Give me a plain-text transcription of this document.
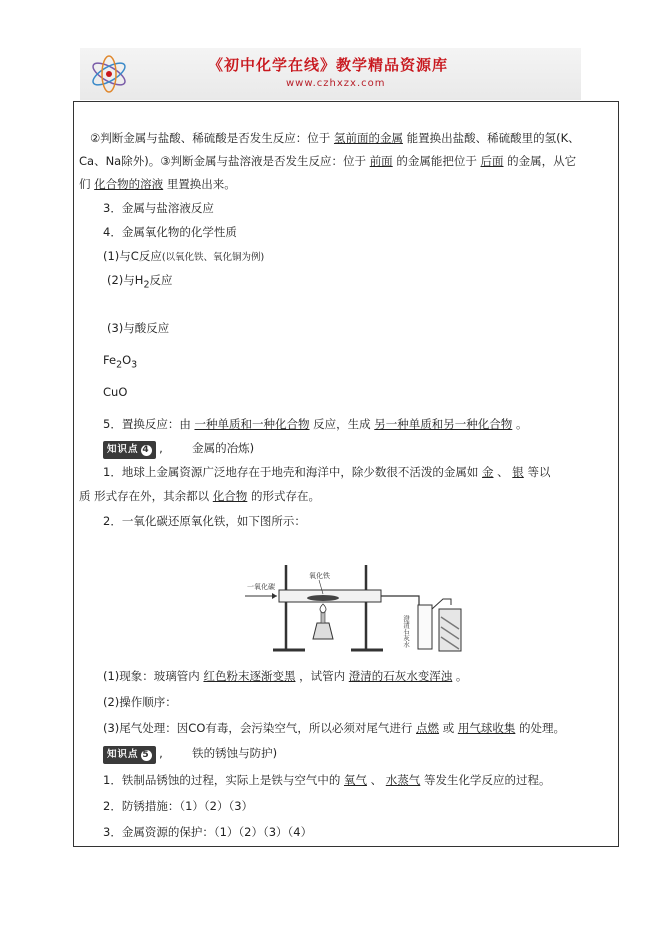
《初中化学在线》教学精品资源库
www.czhxzx.com
②判断金属与盐酸、稀硫酸是否发生反应：位于 氢前面的金属 能置换出盐酸、稀硫酸里的氢(K、
Ca、Na除外)。③判断金属与盐溶液是否发生反应：位于 前面 的金属能把位于 后面 的金属，从它
们 化合物的溶液 里置换出来。
3．金属与盐溶液反应
4．金属氧化物的化学性质
(1)与C反应(以氧化铁、氧化铜为例)
(2)与$H_2$反应
(3)与酸反应
$Fe_2O_3$
CuO
5．置换反应：由 一种单质和一种化合物 反应，生成 另一种单质和另一种化合物 。
知识点 4 ,        金属的冶炼)
1．地球上金属资源广泛地存在于地壳和海洋中，除少数很不活泼的金属如 金 、 银 等以
质 形式存在外，其余都以 化合物 的形式存在。
2．一氧化碳还原氧化铁，如下图所示：
一氧化碳
氧化铁
澄清石灰水
(1)现象：玻璃管内 红色粉末逐渐变黑 ，试管内 澄清的石灰水变浑浊 。
(2)操作顺序：
(3)尾气处理：因CO有毒，会污染空气，所以必须对尾气进行 点燃 或 用气球收集 的处理。
知识点 5 ,        铁的锈蚀与防护)
1．铁制品锈蚀的过程，实际上是铁与空气中的 氧气 、 水蒸气 等发生化学反应的过程。
2．防锈措施：（1）（2）（3）
3．金属资源的保护：（1）（2）（3）（4）
